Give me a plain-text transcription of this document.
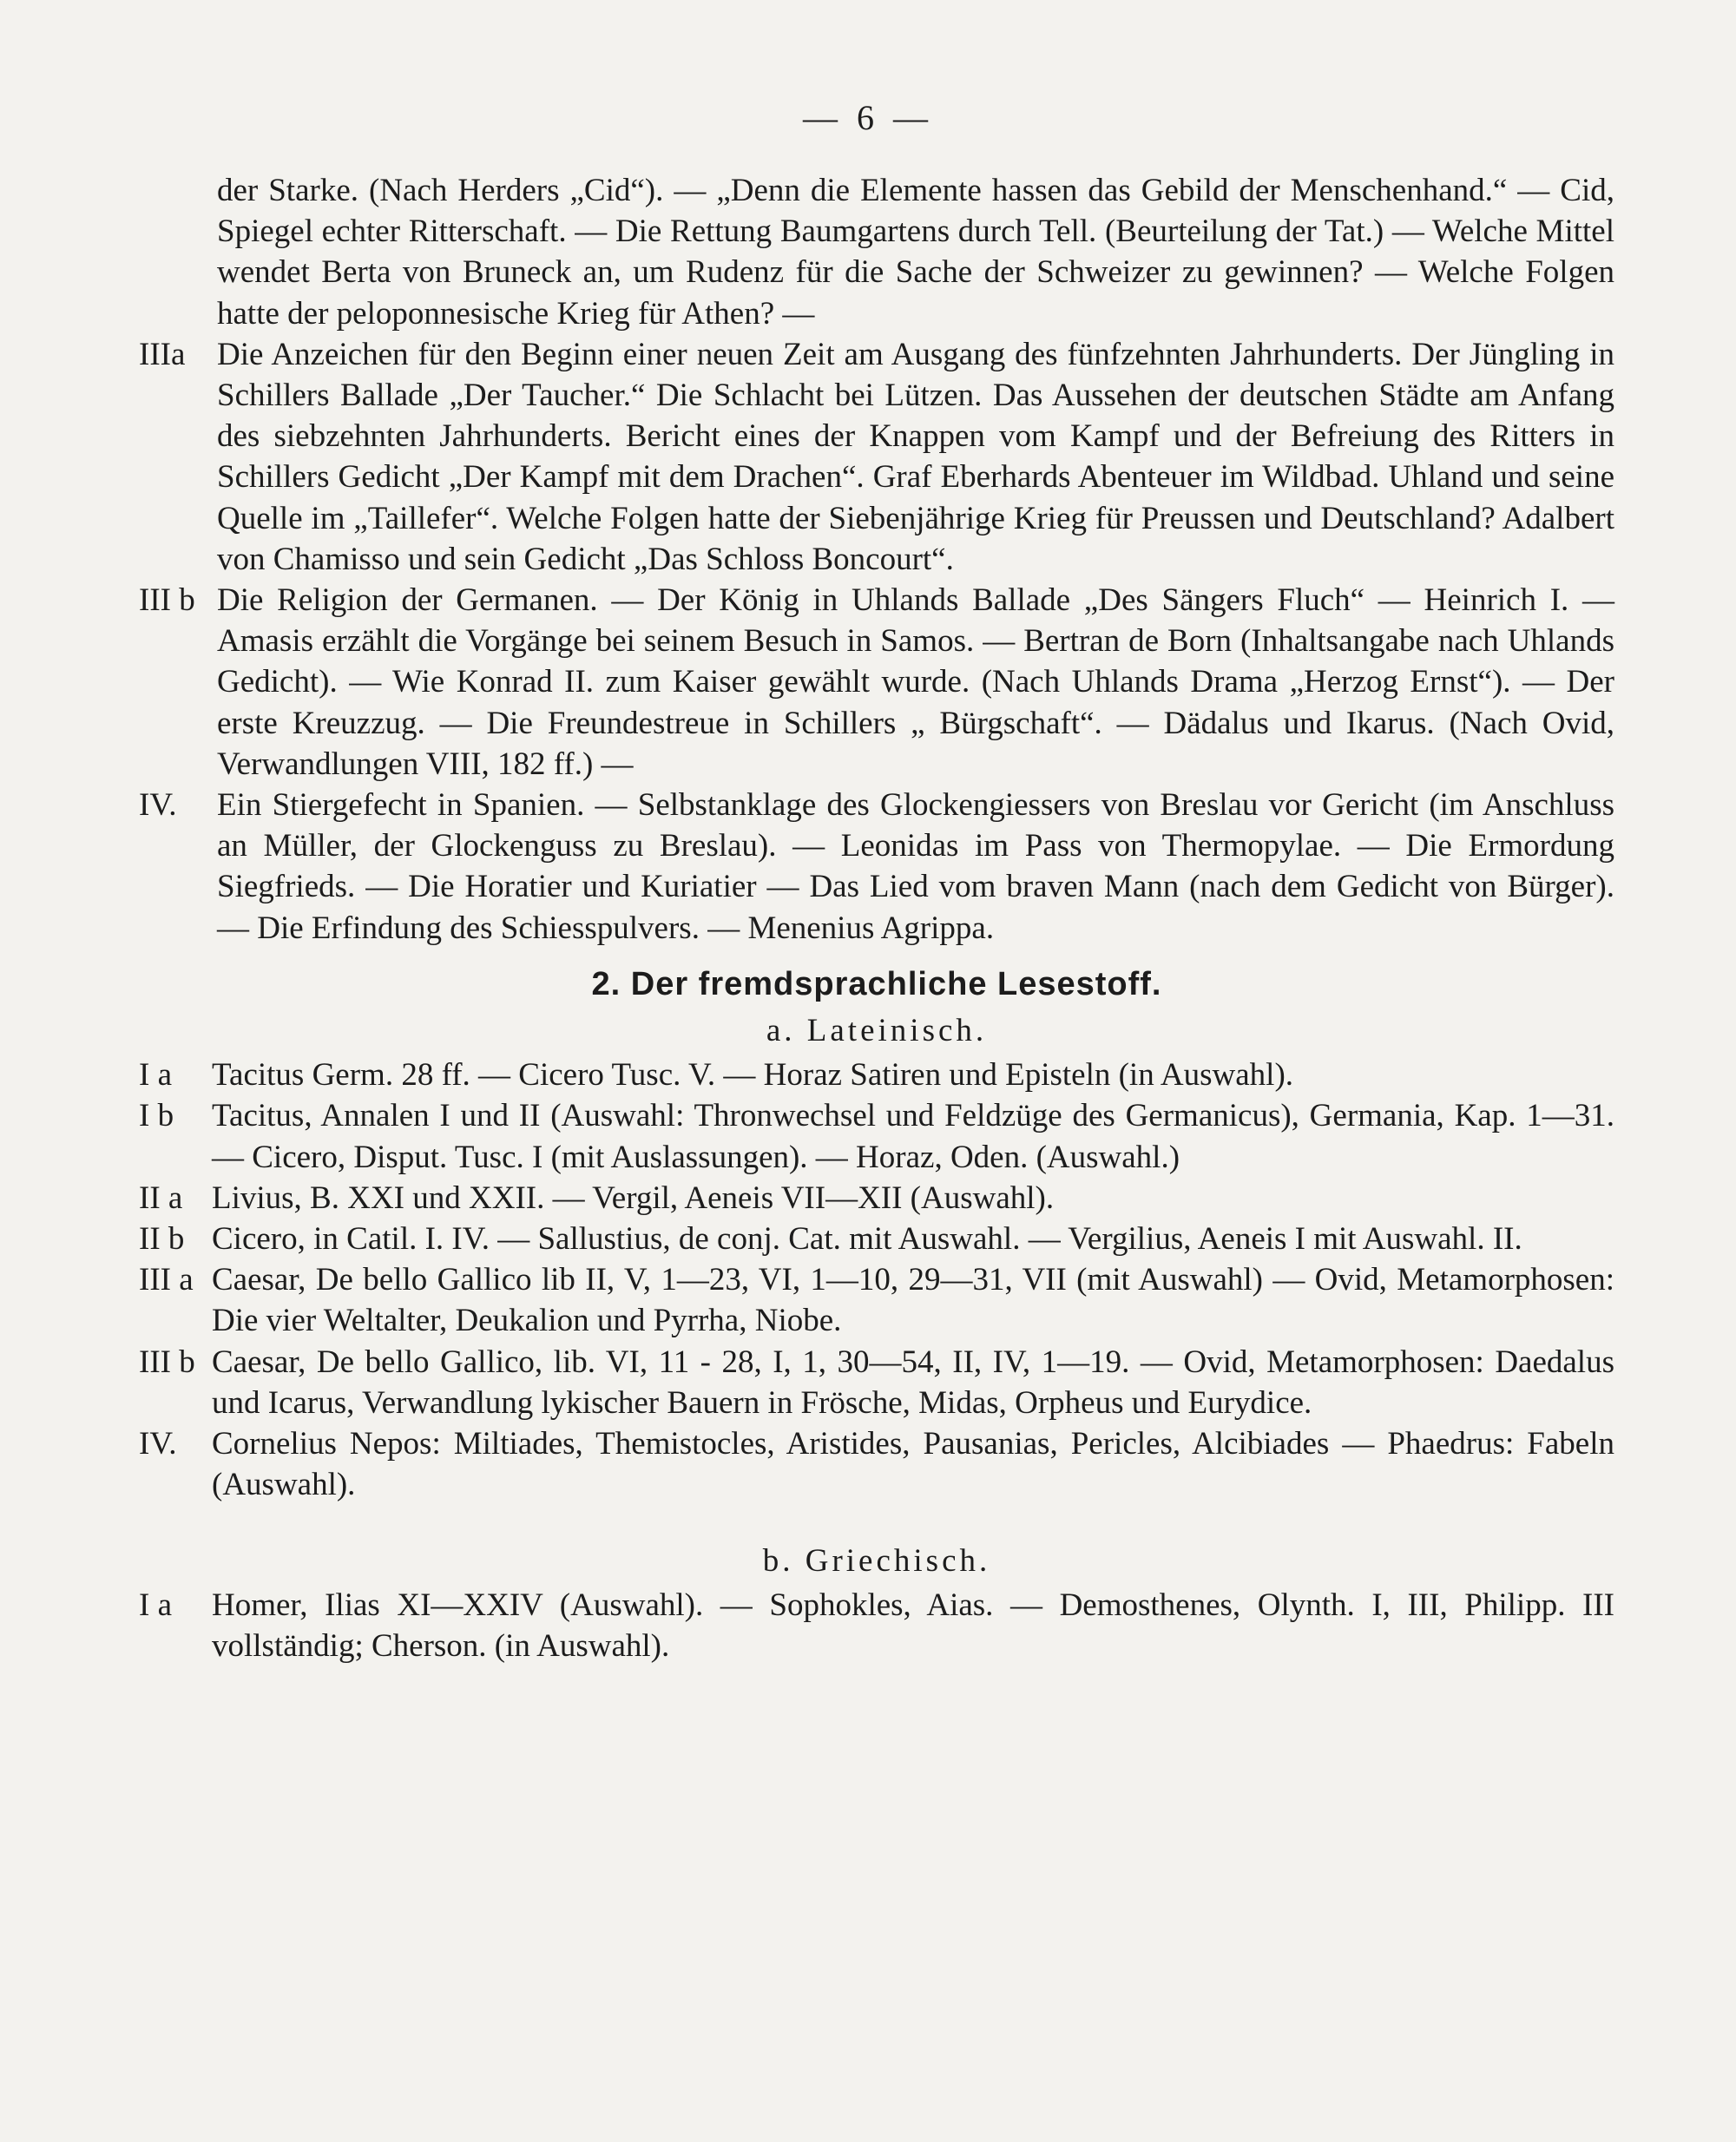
— 6 —
der Starke. (Nach Herders „Cid“). — „Denn die Elemente hassen das Gebild der Menschenhand.“ — Cid, Spiegel echter Ritterschaft. — Die Rettung Baumgartens durch Tell. (Beurteilung der Tat.) — Welche Mittel wendet Berta von Bruneck an, um Rudenz für die Sache der Schweizer zu gewinnen? — Welche Folgen hatte der peloponnesische Krieg für Athen? —
IIIa Die Anzeichen für den Beginn einer neuen Zeit am Ausgang des fünfzehnten Jahrhunderts. Der Jüngling in Schillers Ballade „Der Taucher.“ Die Schlacht bei Lützen. Das Aussehen der deutschen Städte am Anfang des siebzehnten Jahrhunderts. Bericht eines der Knappen vom Kampf und der Befreiung des Ritters in Schillers Gedicht „Der Kampf mit dem Drachen“. Graf Eberhards Abenteuer im Wildbad. Uhland und seine Quelle im „Taillefer“. Welche Folgen hatte der Siebenjährige Krieg für Preussen und Deutschland? Adalbert von Chamisso und sein Gedicht „Das Schloss Boncourt“.
III b Die Religion der Germanen. — Der König in Uhlands Ballade „Des Sängers Fluch“ — Heinrich I. — Amasis erzählt die Vorgänge bei seinem Besuch in Samos. — Bertran de Born (Inhaltsangabe nach Uhlands Gedicht). — Wie Konrad II. zum Kaiser gewählt wurde. (Nach Uhlands Drama „Herzog Ernst“). — Der erste Kreuzzug. — Die Freundestreue in Schillers „ Bürgschaft“. — Dädalus und Ikarus. (Nach Ovid, Verwandlungen VIII, 182 ff.) —
IV.	Ein Stiergefecht in Spanien. — Selbstanklage des Glockengiessers von Breslau vor Gericht (im Anschluss an Müller, der Glockenguss zu Breslau). — Leonidas im Pass von Thermopylae. — Die Ermordung Siegfrieds. — Die Horatier und Kuriatier — Das Lied vom braven Mann (nach dem Gedicht von Bürger). — Die Erfindung des Schiesspulvers. — Menenius Agrippa.
2. Der fremdsprachliche Lesestoff.
a. Lateinisch.
I a	Tacitus Germ. 28 ff. — Cicero Tusc. V. — Horaz Satiren und Episteln (in Auswahl).
I b	Tacitus, Annalen I und II (Auswahl: Thronwechsel und Feldzüge des Germanicus), Germania, Kap. 1—31. — Cicero, Disput. Tusc. I (mit Auslassungen). — Horaz, Oden. (Auswahl.)
II a Livius, B. XXI und XXII. — Vergil, Aeneis VII—XII (Auswahl).
II b Cicero, in Catil. I. IV. — Sallustius, de conj. Cat. mit Auswahl. — Vergilius, Aeneis I mit Auswahl. II.
III a Caesar, De bello Gallico lib II, V, 1—23, VI, 1—10, 29—31, VII (mit Auswahl) — Ovid, Metamorphosen: Die vier Weltalter, Deukalion und Pyrrha, Niobe.
III b Caesar, De bello Gallico, lib. VI, 11 - 28, I, 1, 30—54, II, IV, 1—19. — Ovid, Metamorphosen: Daedalus und Icarus, Verwandlung lykischer Bauern in Frösche, Midas, Orpheus und Eurydice.
IV.	Cornelius Nepos: Miltiades, Themistocles, Aristides, Pausanias, Pericles, Alcibiades — Phaedrus: Fabeln (Auswahl).
b. Griechisch.
I a	Homer, Ilias XI—XXIV (Auswahl). — Sophokles, Aias. — Demosthenes, Olynth. I, III, Philipp. III vollständig; Cherson. (in Auswahl).
